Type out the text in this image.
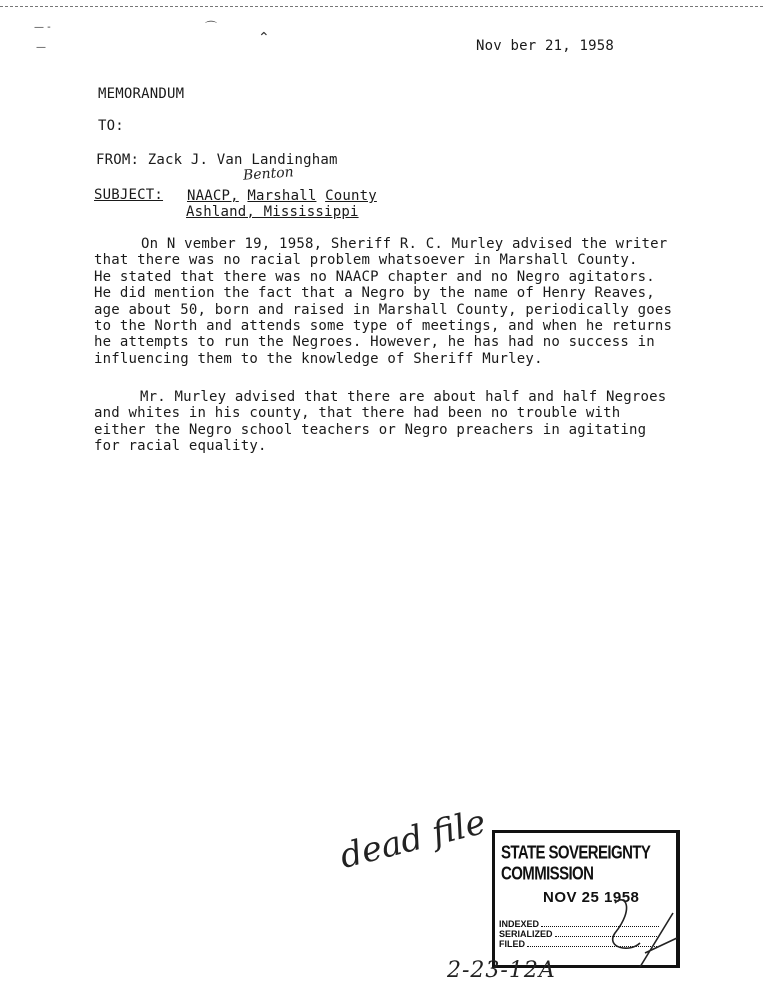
— -
—
⌃
⌒
Nov ber 21, 1958
MEMORANDUM
TO:
FROM: Zack J. Van Landingham
Benton
SUBJECT: NAACP, Marshall County
Ashland, Mississippi
On N vember 19, 1958, Sheriff R. C. Murley advised the writer
that there was no racial problem whatsoever in Marshall County.
He stated that there was no NAACP chapter and no Negro agitators.
He did mention the fact that a Negro by the name of Henry Reaves,
age about 50, born and raised in Marshall County, periodically goes
to the North and attends some type of meetings, and when he returns
he attempts to run the Negroes. However, he has had no success in
influencing them to the knowledge of Sheriff Murley.
Mr. Murley advised that there are about half and half Negroes
and whites in his county, that there had been no trouble with
either the Negro school teachers or Negro preachers in agitating
for racial equality.
dead file STATE SOVEREIGNTY COMMISSION
NOV 25 1958
INDEXED
SERIALIZED
FILED
2-23-12A
